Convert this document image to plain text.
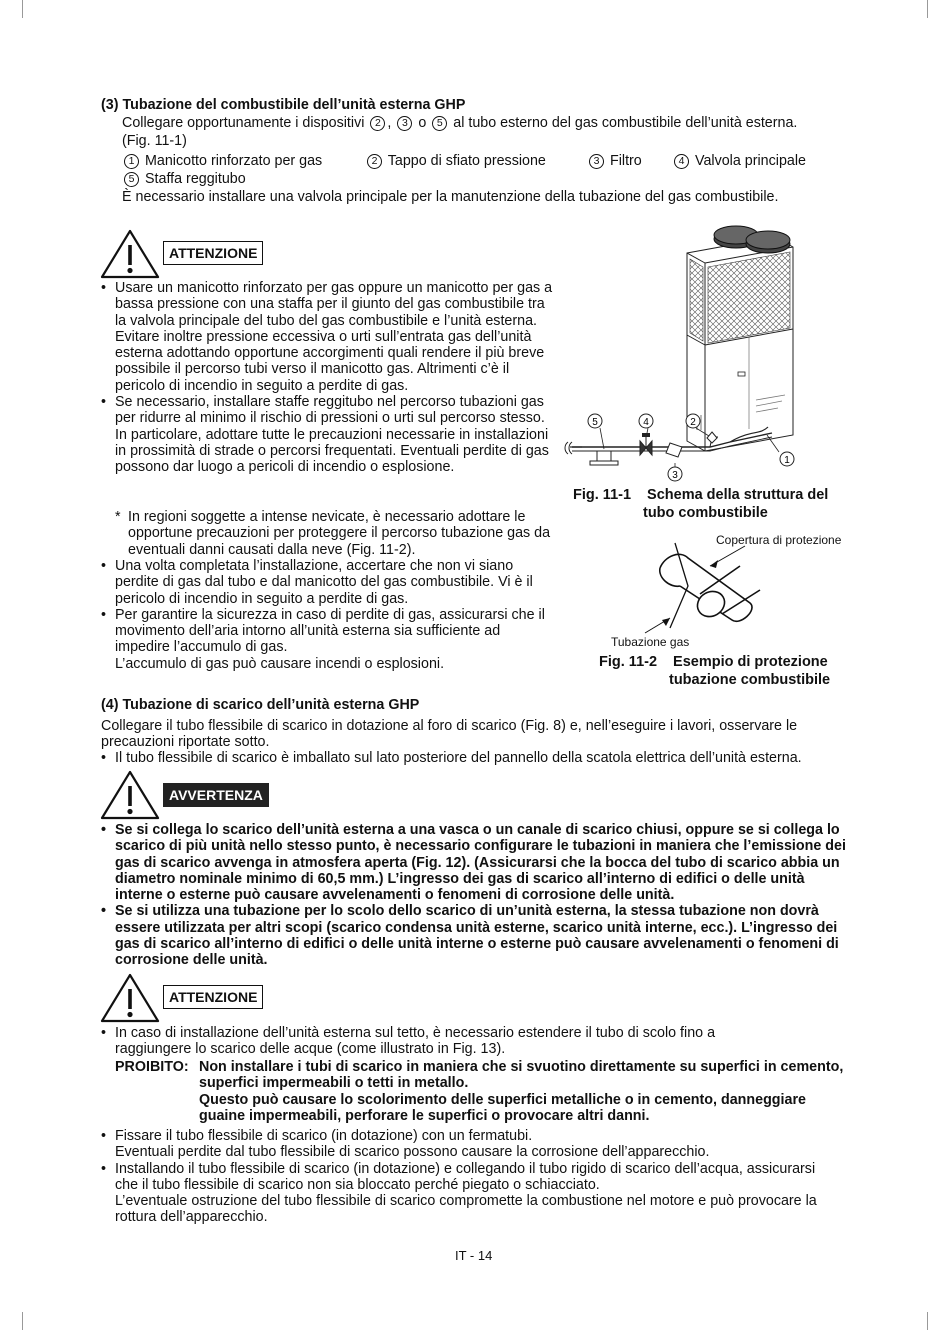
(3) Tubazione del combustibile dell’unità esterna GHP
Collegare opportunamente i dispositivi 2 , 3 o 5 al tubo esterno del gas combustibile dell’unità esterna.
(Fig. 11-1)
1 Manicotto rinforzato per gas	2 Tappo di sfiato pressione	3 Filtro	4 Valvola principale
5 Staffa reggitubo
È necessario installare una valvola principale per la manutenzione della tubazione del gas combustibile.
ATTENZIONE
• Usare un manicotto rinforzato per gas oppure un manicotto per gas a bassa pressione con una staffa per il giunto del gas combustibile tra la valvola principale del tubo del gas combustibile e l’unità esterna. Evitare inoltre pressione eccessiva o urti sull’entrata gas dell’unità esterna adottando opportune accorgimenti quali rendere il più breve possibile il percorso tubi verso il manicotto gas. Altrimenti c’è il pericolo di incendio in seguito a perdite di gas.
• Se necessario, installare staffe reggitubo nel percorso tubazioni gas per ridurre al minimo il rischio di pressioni o urti sul percorso stesso. In particolare, adottare tutte le precauzioni necessarie in installazioni in prossimità di strade o percorsi frequentati. Eventuali perdite di gas possono dar luogo a pericoli di incendio o esplosione.
* In regioni soggette a intense nevicate, è necessario adottare le opportune precauzioni per proteggere il percorso tubazione gas da eventuali danni causati dalla neve (Fig. 11-2).
• Una volta completata l’installazione, accertare che non vi siano perdite di gas dal tubo e dal manicotto del gas combustibile. Vi è il pericolo di incendio in seguito a perdite di gas.
• Per garantire la sicurezza in caso di perdite di gas, assicurarsi che il movimento dell’aria intorno all’unità esterna sia sufficiente ad impedire l’accumulo di gas.
L’accumulo di gas può causare incendi o esplosioni.
5	4	2
3
1
Fig. 11-1 Schema della struttura del
tubo combustibile
Copertura di protezione
Tubazione gas
Fig. 11-2 Esempio di protezione
tubazione combustibile
(4) Tubazione di scarico dell’unità esterna GHP
Collegare il tubo flessibile di scarico in dotazione al foro di scarico (Fig. 8) e, nell’eseguire i lavori, osservare le precauzioni riportate sotto.
• Il tubo flessibile di scarico è imballato sul lato posteriore del pannello della scatola elettrica dell’unità esterna.
AVVERTENZA
• Se si collega lo scarico dell’unità esterna a una vasca o un canale di scarico chiusi, oppure se si collega lo scarico di più unità nello stesso punto, è necessario configurare le tubazioni in maniera che l’emissione dei gas di scarico avvenga in atmosfera aperta (Fig. 12). (Assicurarsi che la bocca del tubo di scarico abbia un diametro nominale minimo di 60,5 mm.) L’ingresso dei gas di scarico all’interno di edifici o delle unità interne o esterne può causare avvelenamenti o fenomeni di corrosione delle unità.
• Se si utilizza una tubazione per lo scolo dello scarico di un’unità esterna, la stessa tubazione non dovrà essere utilizzata per altri scopi (scarico condensa unità esterne, scarico unità interne, ecc.). L’ingresso dei gas di scarico all’interno di edifici o delle unità interne o esterne può causare avvelenamenti o fenomeni di corrosione delle unità.
ATTENZIONE
• In caso di installazione dell’unità esterna sul tetto, è necessario estendere il tubo di scolo fino a raggiungere lo scarico delle acque (come illustrato in Fig. 13).
PROIBITO: Non installare i tubi di scarico in maniera che si svuotino direttamente su superfici in cemento, superfici impermeabili o tetti in metallo.
Questo può causare lo scolorimento delle superfici metalliche o in cemento, danneggiare guaine impermeabili, perforare le superfici o provocare altri danni.
• Fissare il tubo flessibile di scarico (in dotazione) con un fermatubi.
Eventuali perdite dal tubo flessibile di scarico possono causare la corrosione dell’apparecchio.
• Installando il tubo flessibile di scarico (in dotazione) e collegando il tubo rigido di scarico dell’acqua, assicurarsi che il tubo flessibile di scarico non sia bloccato perché piegato o schiacciato.
L’eventuale ostruzione del tubo flessibile di scarico compromette la combustione nel motore e può provocare la rottura dell’apparecchio.
IT - 14
